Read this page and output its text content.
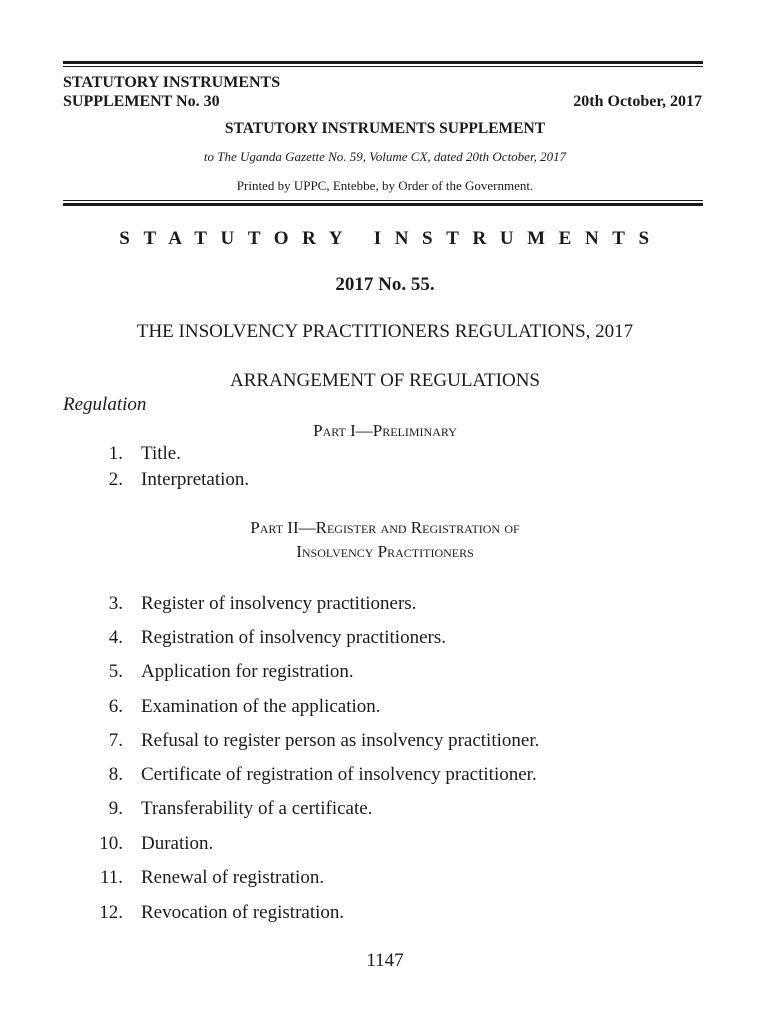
STATUTORY INSTRUMENTS
SUPPLEMENT No. 30	20th October, 2017
STATUTORY INSTRUMENTS SUPPLEMENT
to The Uganda Gazette No. 59, Volume CX, dated 20th October, 2017
Printed by UPPC, Entebbe, by Order of the Government.
STATUTORY INSTRUMENTS
2017 No. 55.
THE INSOLVENCY PRACTITIONERS REGULATIONS, 2017
ARRANGEMENT OF REGULATIONS
Regulation
Part I—Preliminary
1. Title.
2. Interpretation.
Part II—Register and Registration of
Insolvency Practitioners
3. Register of insolvency practitioners.
4. Registration of insolvency practitioners.
5. Application for registration.
6. Examination of the application.
7. Refusal to register person as insolvency practitioner.
8. Certificate of registration of insolvency practitioner.
9. Transferability of a certificate.
10. Duration.
11. Renewal of registration.
12. Revocation of registration.
1147
